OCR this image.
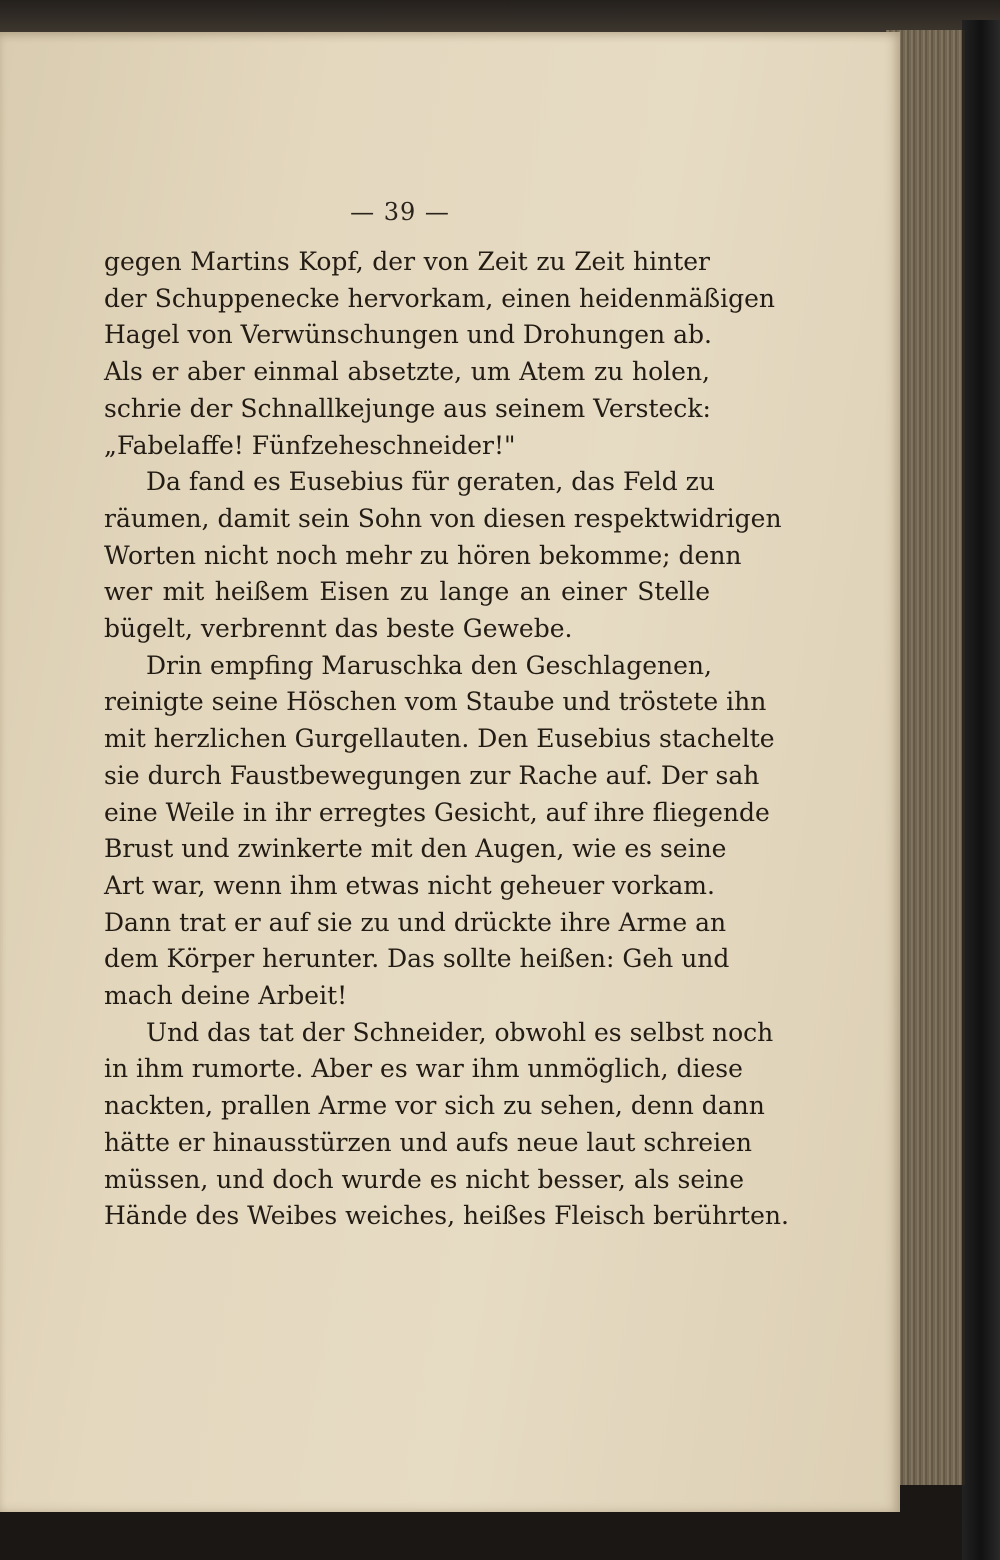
— 39 —
gegen Martins Kopf, der von Zeit zu Zeit hinter
der Schuppenecke hervorkam, einen heidenmäßigen
Hagel von Verwünschungen und Drohungen ab.
Als er aber einmal absetzte, um Atem zu holen,
schrie der Schnallkejunge aus seinem Versteck:
„Fabelaffe! Fünfzeheschneider!"
Da fand es Eusebius für geraten, das Feld zu
räumen, damit sein Sohn von diesen respektwidrigen
Worten nicht noch mehr zu hören bekomme; denn
wer mit heißem Eisen zu lange an einer Stelle
bügelt, verbrennt das beste Gewebe.
Drin empfing Maruschka den Geschlagenen,
reinigte seine Höschen vom Staube und tröstete ihn
mit herzlichen Gurgellauten. Den Eusebius stachelte
sie durch Faustbewegungen zur Rache auf. Der sah
eine Weile in ihr erregtes Gesicht, auf ihre fliegende
Brust und zwinkerte mit den Augen, wie es seine
Art war, wenn ihm etwas nicht geheuer vorkam.
Dann trat er auf sie zu und drückte ihre Arme an
dem Körper herunter. Das sollte heißen: Geh und
mach deine Arbeit!
Und das tat der Schneider, obwohl es selbst noch
in ihm rumorte. Aber es war ihm unmöglich, diese
nackten, prallen Arme vor sich zu sehen, denn dann
hätte er hinausstürzen und aufs neue laut schreien
müssen, und doch wurde es nicht besser, als seine
Hände des Weibes weiches, heißes Fleisch berührten.
